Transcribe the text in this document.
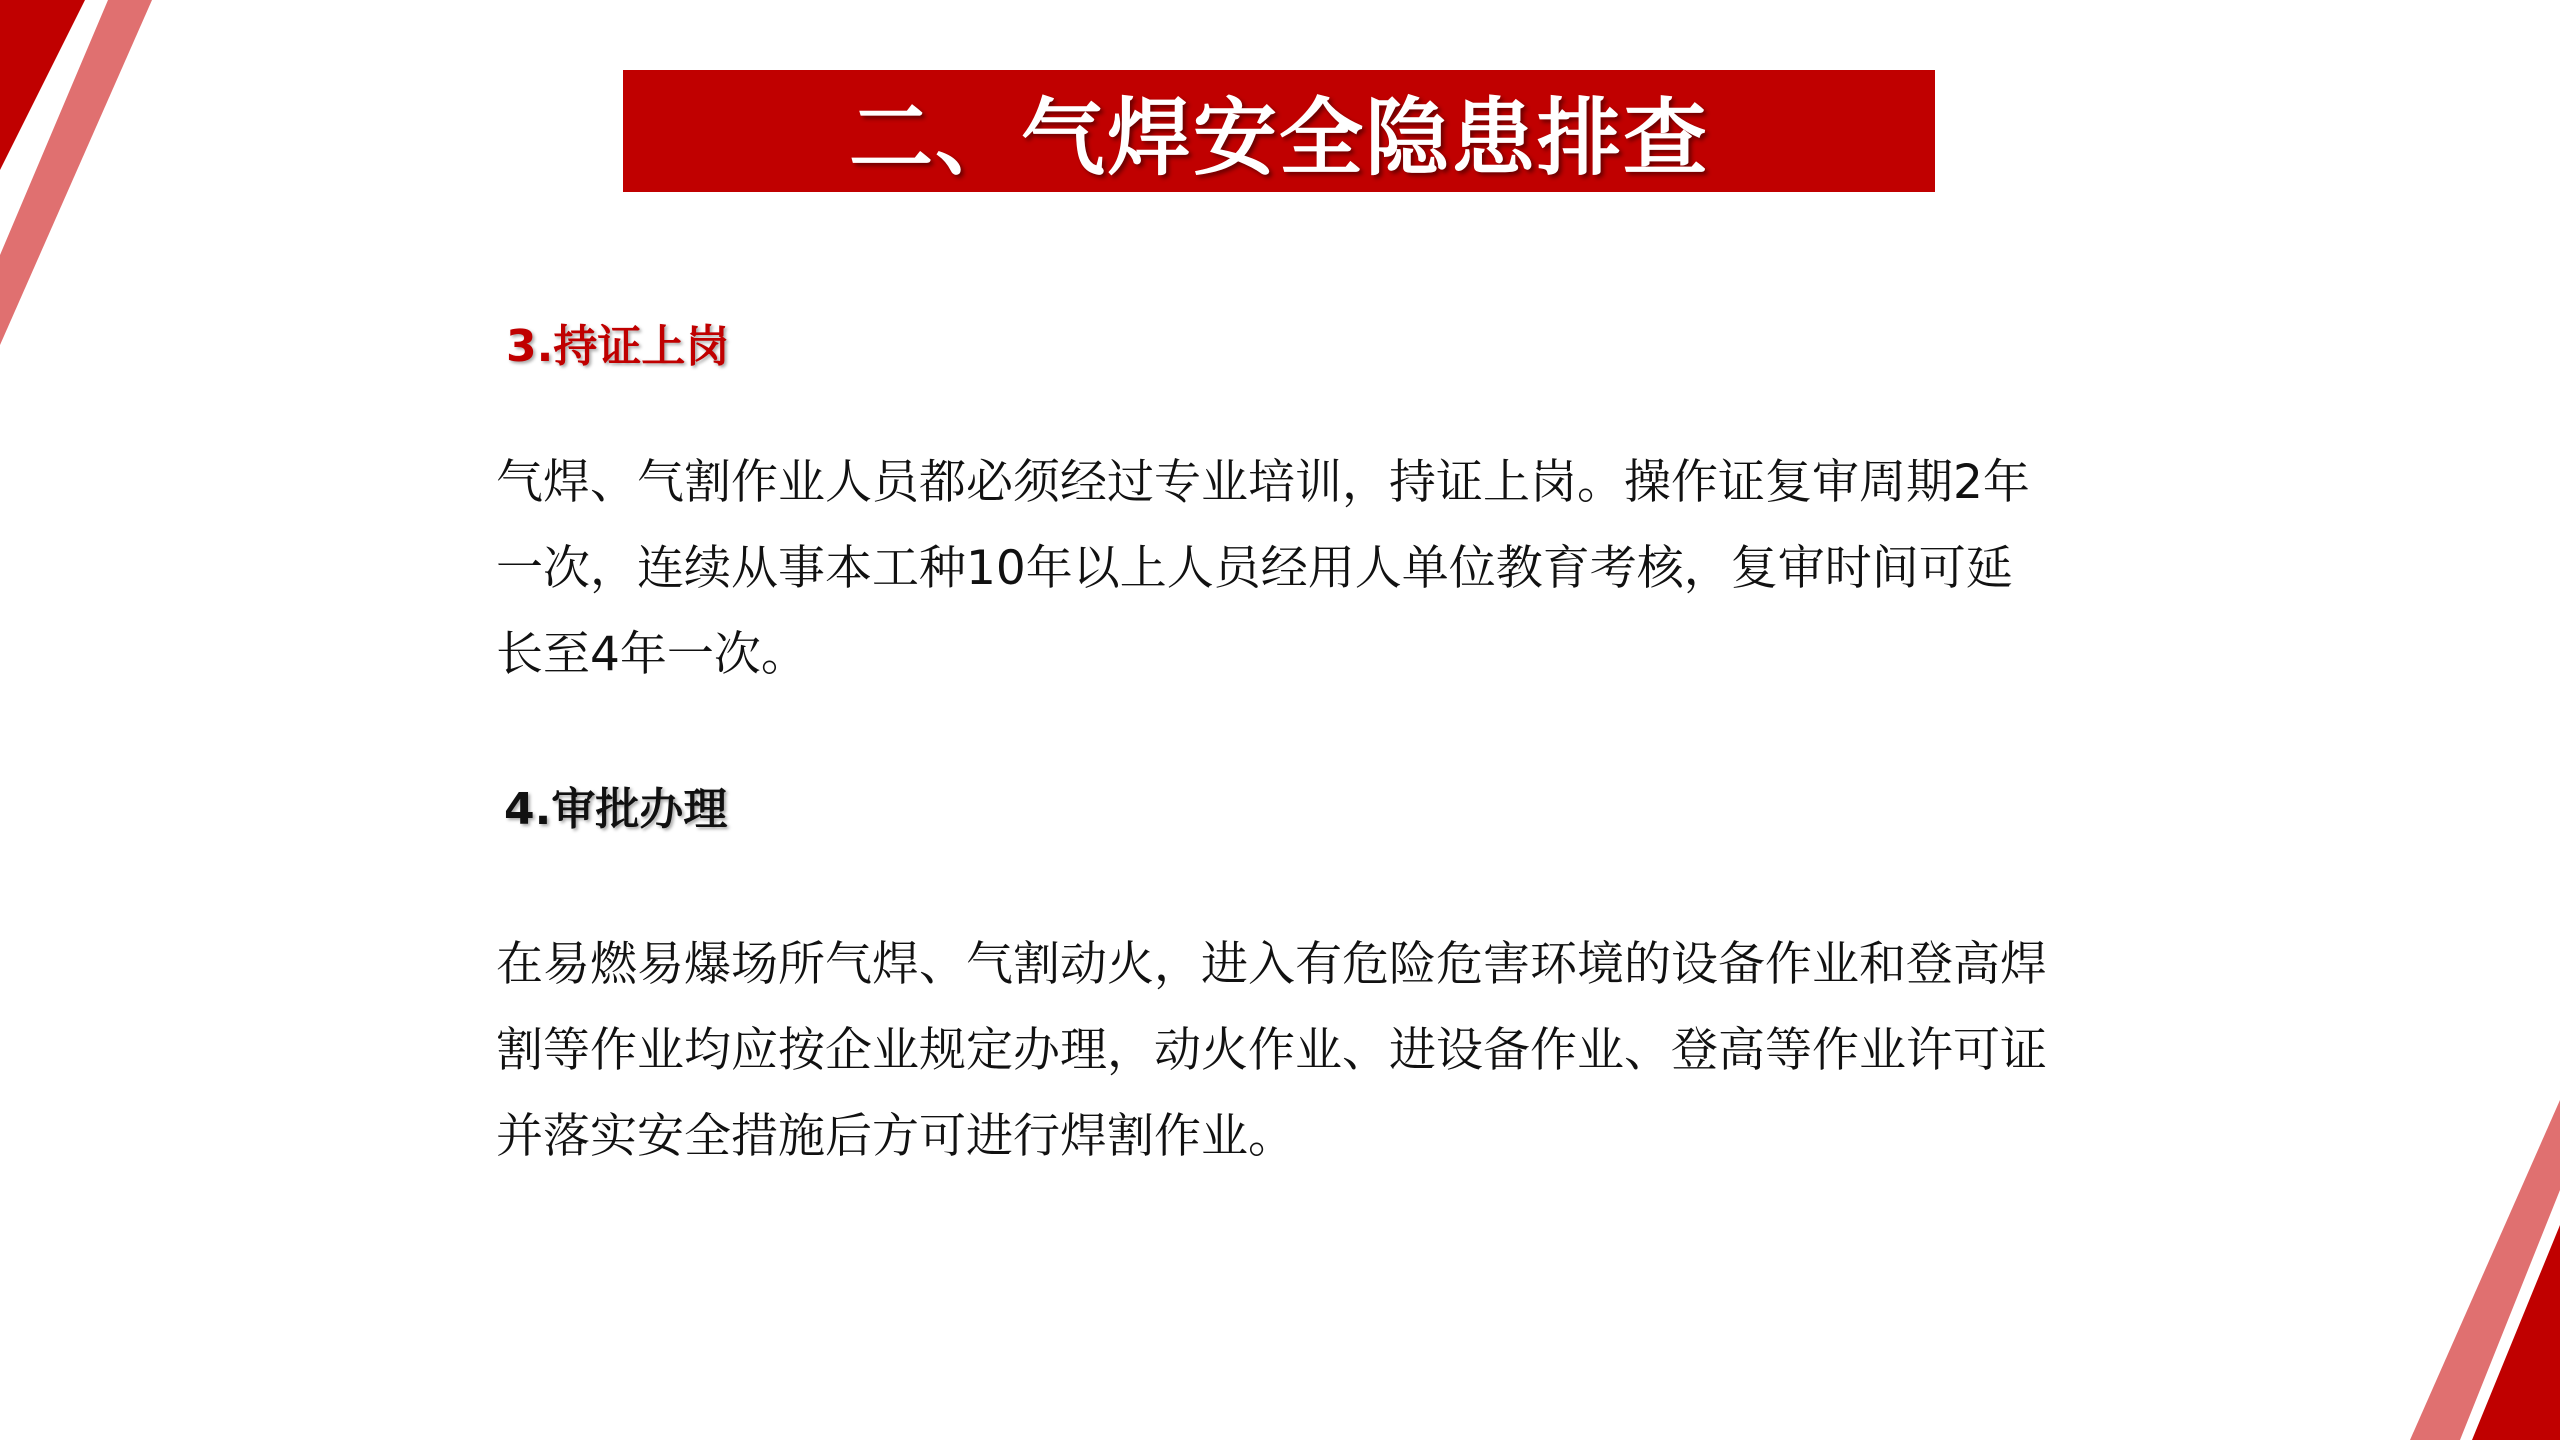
二、气焊安全隐患排查
3.持证上岗

气焊、气割作业人员都必须经过专业培训，持证上岗。操作证复审周期2年一次，连续从事本工种10年以上人员经用人单位教育考核，复审时间可延长至4年一次。

4.审批办理

在易燃易爆场所气焊、气割动火，进入有危险危害环境的设备作业和登高焊割等作业均应按企业规定办理，动火作业、进设备作业、登高等作业许可证并落实安全措施后方可进行焊割作业。
